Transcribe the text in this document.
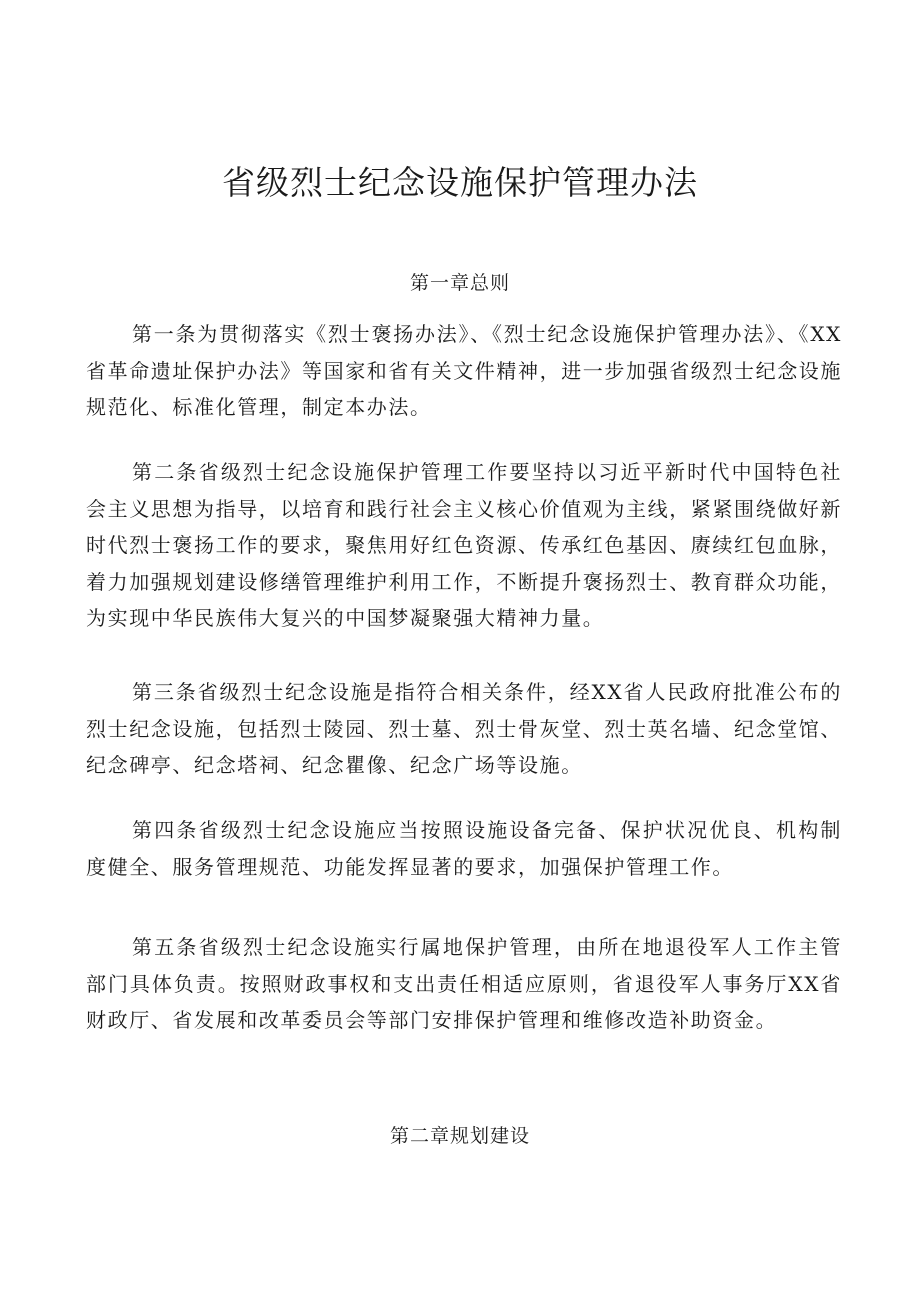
省级烈士纪念设施保护管理办法
第一章总则

第一条为贯彻落实《烈士褒扬办法》、《烈士纪念设施保护管理办法》、《XX省革命遗址保护办法》等国家和省有关文件精神，进一步加强省级烈士纪念设施规范化、标准化管理，制定本办法。

第二条省级烈士纪念设施保护管理工作要坚持以习近平新时代中国特色社会主义思想为指导，以培育和践行社会主义核心价值观为主线，紧紧围绕做好新时代烈士褒扬工作的要求，聚焦用好红色资源、传承红色基因、赓续红包血脉，着力加强规划建设修缮管理维护利用工作，不断提升褒扬烈士、教育群众功能，为实现中华民族伟大复兴的中国梦凝聚强大精神力量。

第三条省级烈士纪念设施是指符合相关条件，经XX省人民政府批准公布的烈士纪念设施，包括烈士陵园、烈士墓、烈士骨灰堂、烈士英名墙、纪念堂馆、纪念碑亭、纪念塔祠、纪念瞿像、纪念广场等设施。

第四条省级烈士纪念设施应当按照设施设备完备、保护状况优良、机构制度健全、服务管理规范、功能发挥显著的要求，加强保护管理工作。

第五条省级烈士纪念设施实行属地保护管理，由所在地退役军人工作主管部门具体负责。按照财政事权和支出责任相适应原则，省退役军人事务厅XX省财政厅、省发展和改革委员会等部门安排保护管理和维修改造补助资金。

第二章规划建设
